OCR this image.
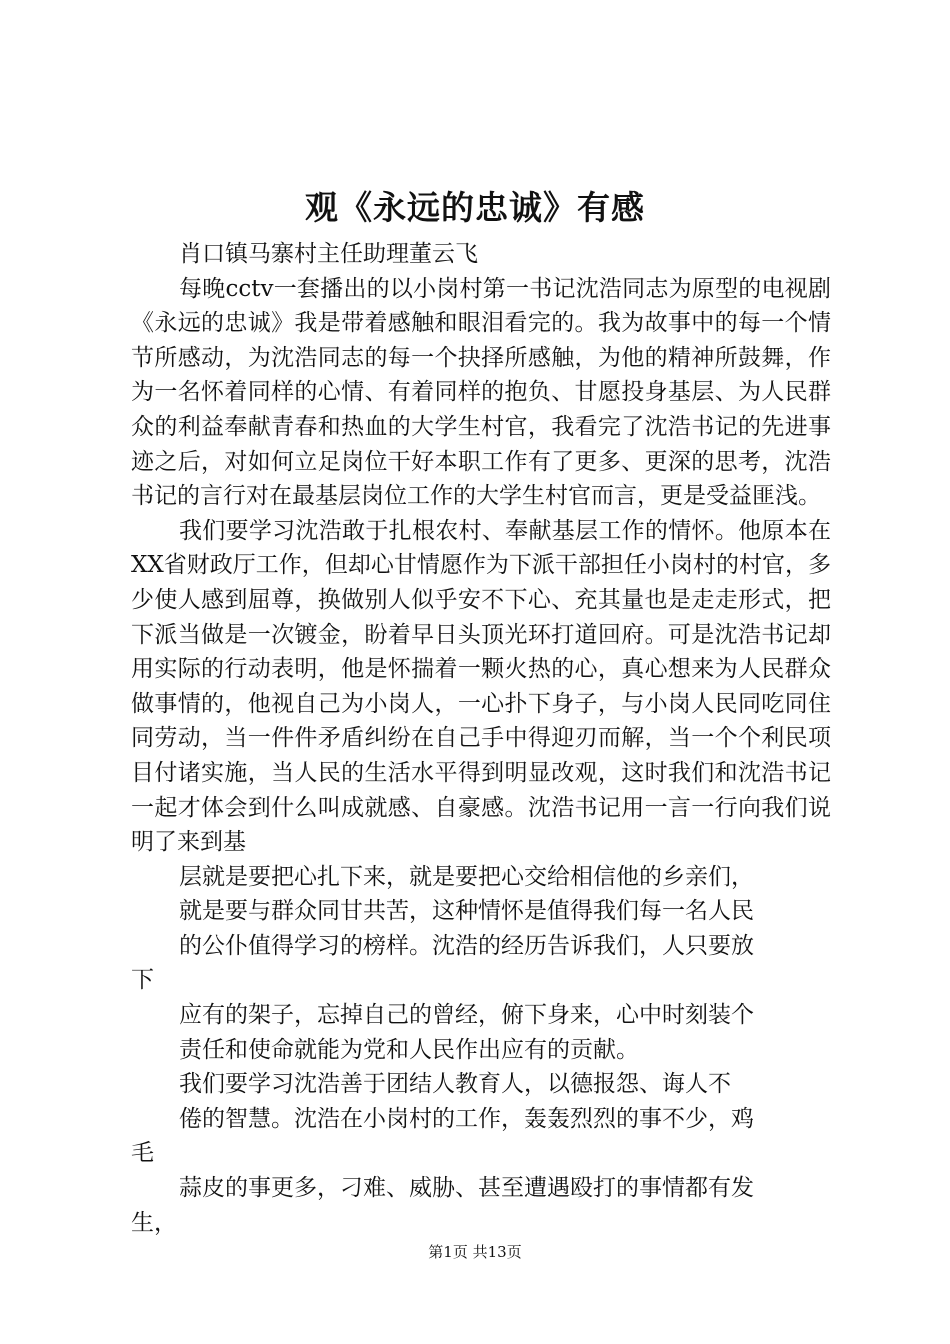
观《永远的忠诚》有感

肖口镇马寨村主任助理董云飞

每晚cctv一套播出的以小岗村第一书记沈浩同志为原型的电视剧《永远的忠诚》我是带着感触和眼泪看完的。我为故事中的每一个情节所感动，为沈浩同志的每一个抉择所感触，为他的精神所鼓舞，作为一名怀着同样的心情、有着同样的抱负、甘愿投身基层、为人民群众的利益奉献青春和热血的大学生村官，我看完了沈浩书记的先进事迹之后，对如何立足岗位干好本职工作有了更多、更深的思考，沈浩书记的言行对在最基层岗位工作的大学生村官而言，更是受益匪浅。

我们要学习沈浩敢于扎根农村、奉献基层工作的情怀。他原本在XX省财政厅工作，但却心甘情愿作为下派干部担任小岗村的村官，多少使人感到屈尊，换做别人似乎安不下心、充其量也是走走形式，把下派当做是一次镀金，盼着早日头顶光环打道回府。可是沈浩书记却用实际的行动表明，他是怀揣着一颗火热的心，真心想来为人民群众做事情的，他视自己为小岗人，一心扑下身子，与小岗人民同吃同住同劳动，当一件件矛盾纠纷在自己手中得迎刃而解，当一个个利民项目付诸实施，当人民的生活水平得到明显改观，这时我们和沈浩书记一起才体会到什么叫成就感、自豪感。沈浩书记用一言一行向我们说明了来到基

层就是要把心扎下来，就是要把心交给相信他的乡亲们，

就是要与群众同甘共苦，这种情怀是值得我们每一名人民

的公仆值得学习的榜样。沈浩的经历告诉我们，人只要放

下

应有的架子，忘掉自己的曾经，俯下身来，心中时刻装个

责任和使命就能为党和人民作出应有的贡献。

我们要学习沈浩善于团结人教育人，以德报怨、诲人不

倦的智慧。沈浩在小岗村的工作，轰轰烈烈的事不少，鸡

毛

蒜皮的事更多，刁难、威胁、甚至遭遇殴打的事情都有发

生，

第1页 共13页
